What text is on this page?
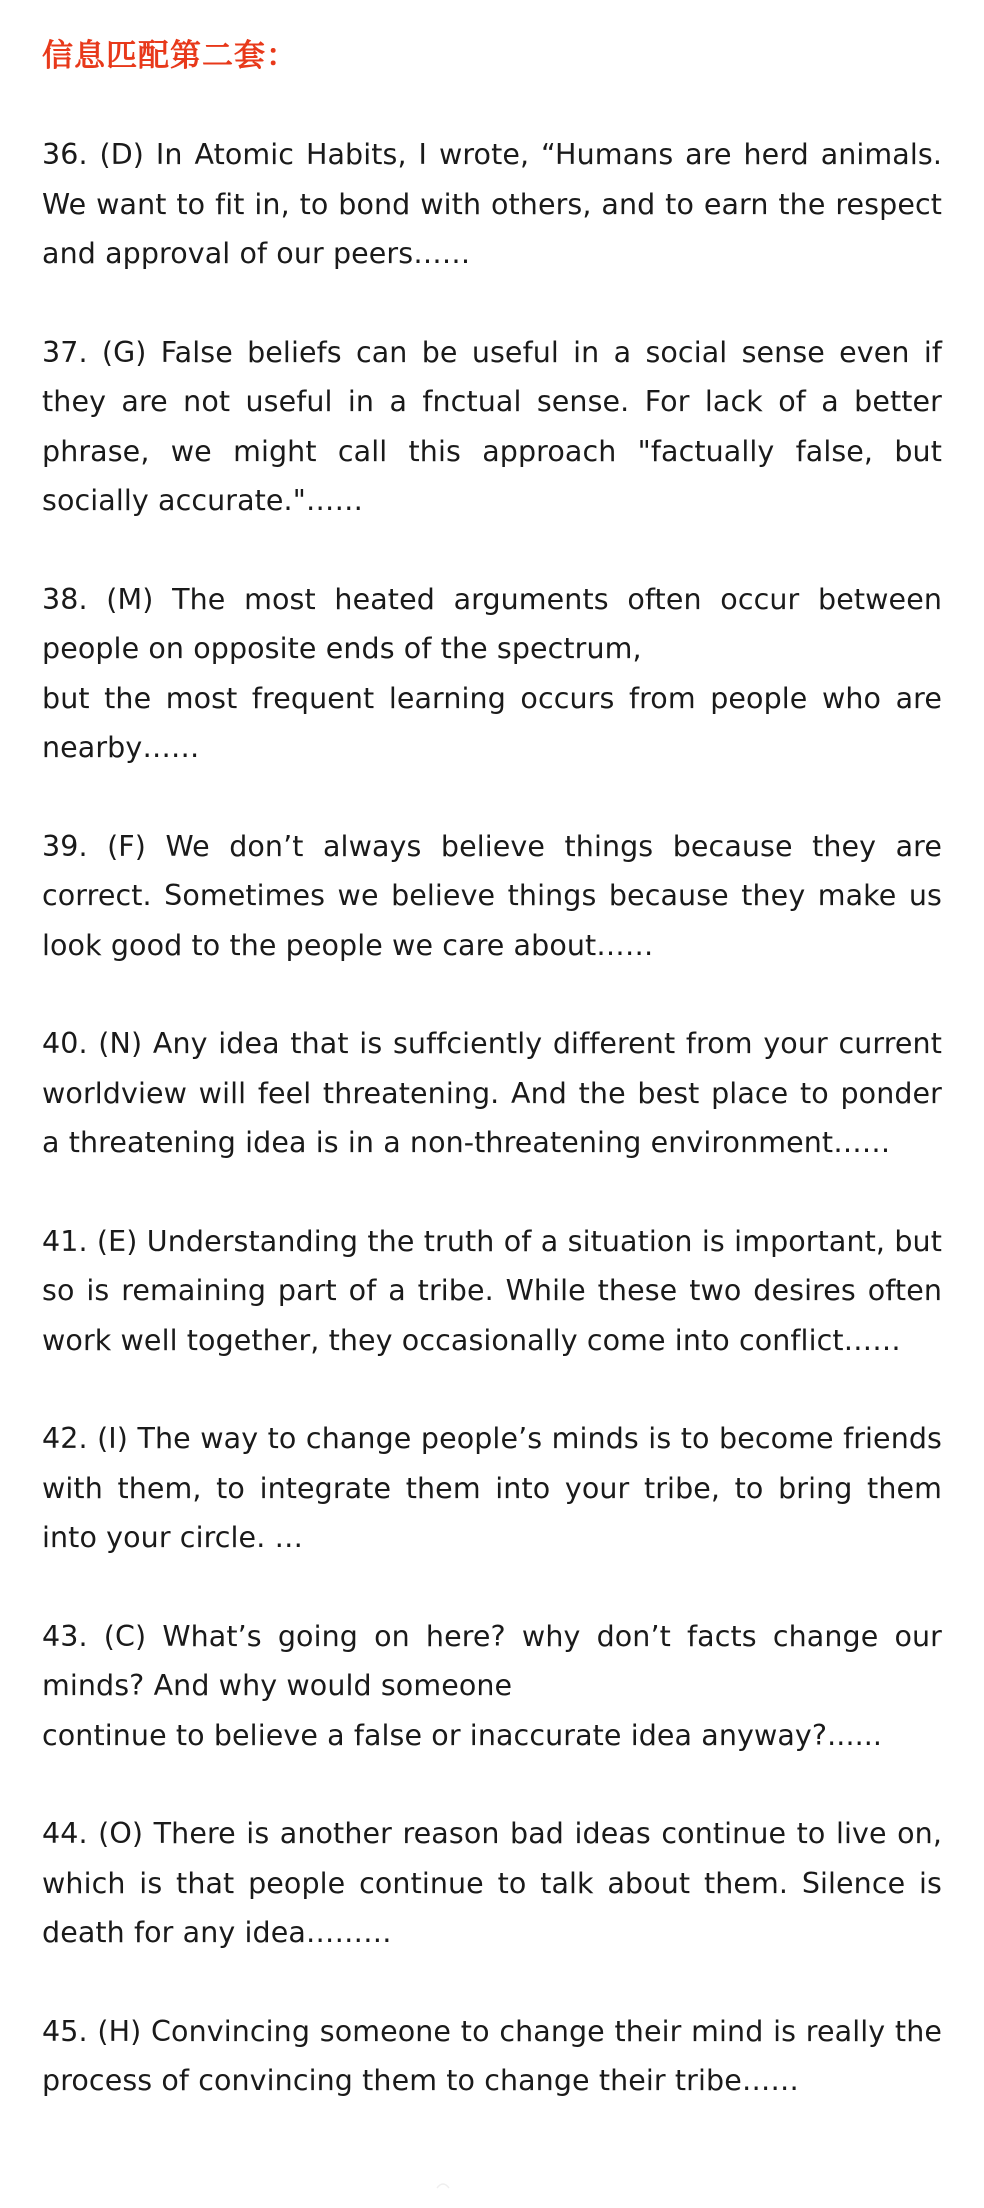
信息匹配第二套：
36. (D) In Atomic Habits, I wrote, “Humans are herd animals. We want to fit in, to bond with others, and to earn the respect and approval of our peers……
37. (G) False beliefs can be useful in a social sense even if they are not useful in a fnctual sense. For lack of a better phrase, we might call this approach "factually false, but socially accurate."……
38. (M) The most heated arguments often occur between people on opposite ends of the spectrum,
but the most frequent learning occurs from people who are nearby……
39. (F) We don’t always believe things because they are correct. Sometimes we believe things because they make us look good to the people we care about……
40. (N) Any idea that is suffciently different from your current worldview will feel threatening. And the best place to ponder a threatening idea is in a non-threatening environment……
41. (E) Understanding the truth of a situation is important, but so is remaining part of a tribe. While these two desires often work well together, they occasionally come into conflict……
42. (I) The way to change people’s minds is to become friends with them, to integrate them into your tribe, to bring them into your circle. …
43. (C) What’s going on here? why don’t facts change our minds? And why would someone
continue to believe a false or inaccurate idea anyway?......
44. (O) There is another reason bad ideas continue to live on, which is that people continue to talk about them. Silence is death for any idea………
45. (H) Convincing someone to change their mind is really the process of convincing them to change their tribe……
